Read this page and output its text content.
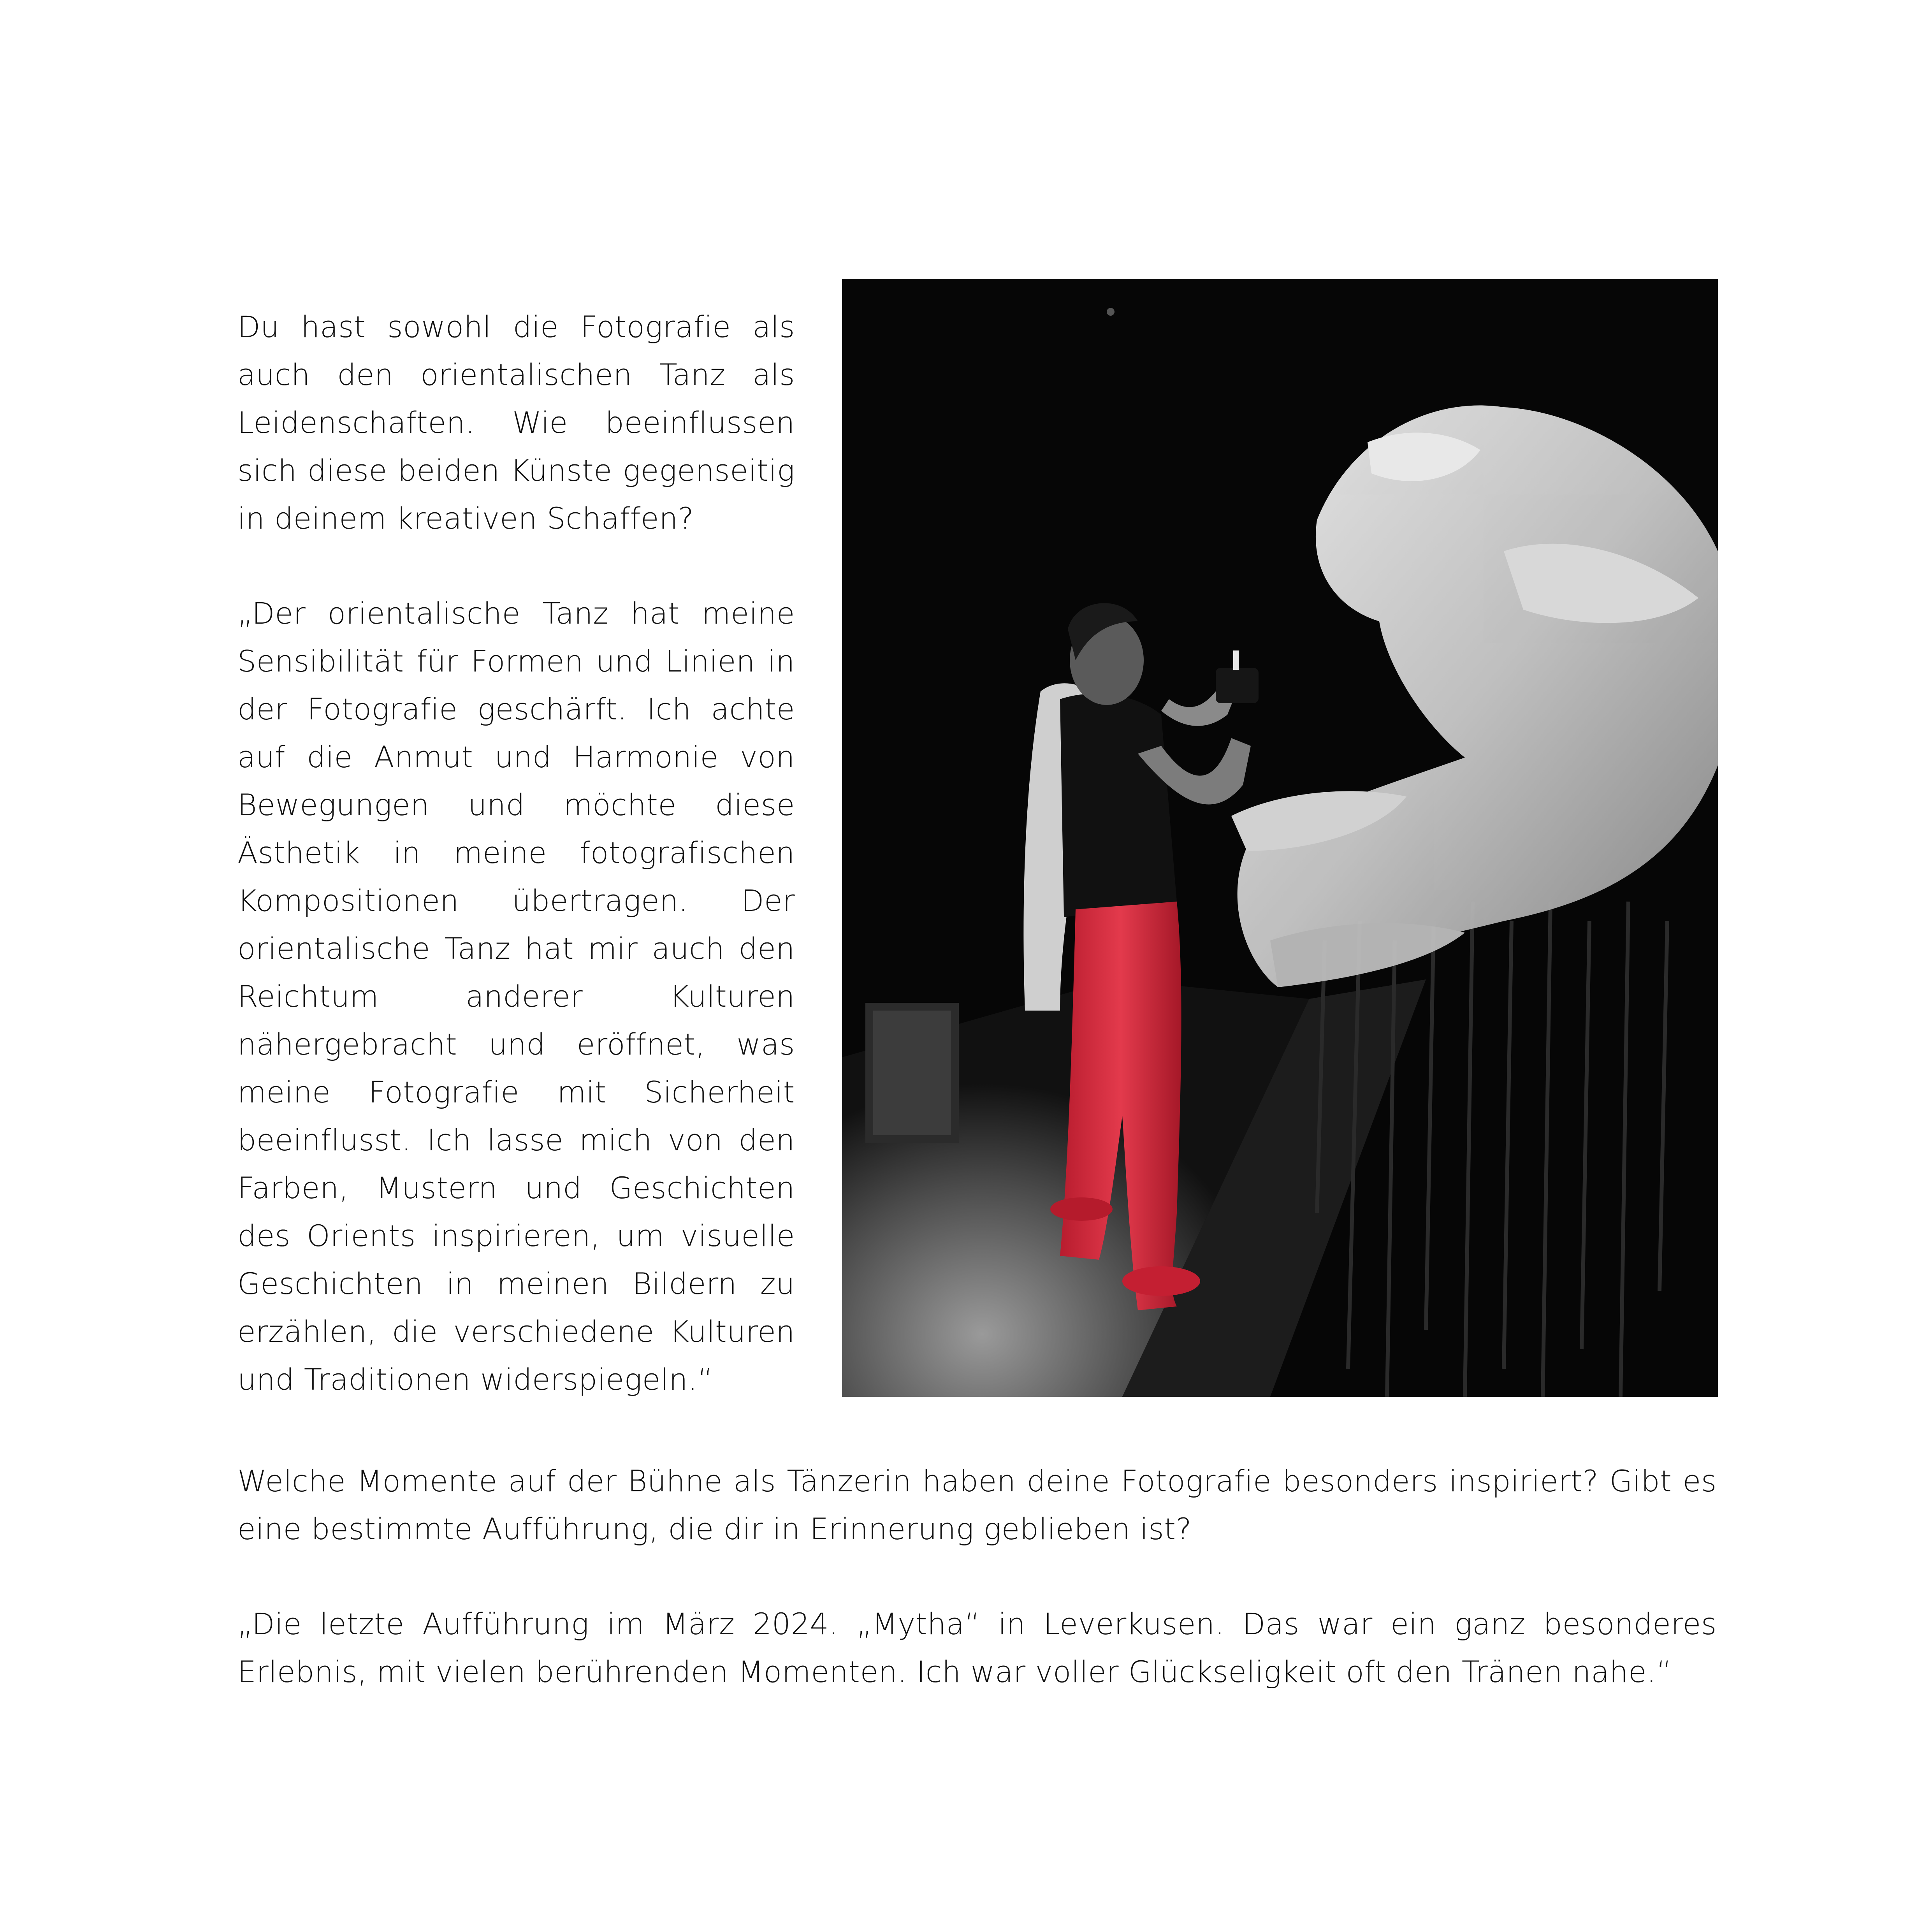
Du hast sowohl die Fotografie als auch den orientalischen Tanz als Leidenschaften. Wie beeinflussen sich diese beiden Künste gegenseitig in deinem kreativen Schaffen?

„Der orientalische Tanz hat meine Sensibilität für Formen und Linien in der Fotografie geschärft. Ich achte auf die Anmut und Harmonie von Bewegungen und möchte diese Ästhetik in meine fotografischen Kompositionen übertragen. Der orientalische Tanz hat mir auch den Reichtum anderer Kulturen nähergebracht und eröffnet, was meine Fotografie mit Sicherheit beeinflusst. Ich lasse mich von den Farben, Mustern und Geschichten des Orients inspirieren, um visuelle Geschichten in meinen Bildern zu erzählen, die verschiedene Kulturen und Traditionen widerspiegeln.“

Welche Momente auf der Bühne als Tänzerin haben deine Fotografie besonders inspiriert? Gibt es eine bestimmte Aufführung, die dir in Erinnerung geblieben ist?

„Die letzte Aufführung im März 2024. „Mytha“ in Leverkusen. Das war ein ganz besonderes Erlebnis, mit vielen berührenden Momenten. Ich war voller Glückseligkeit oft den Tränen nahe.“
